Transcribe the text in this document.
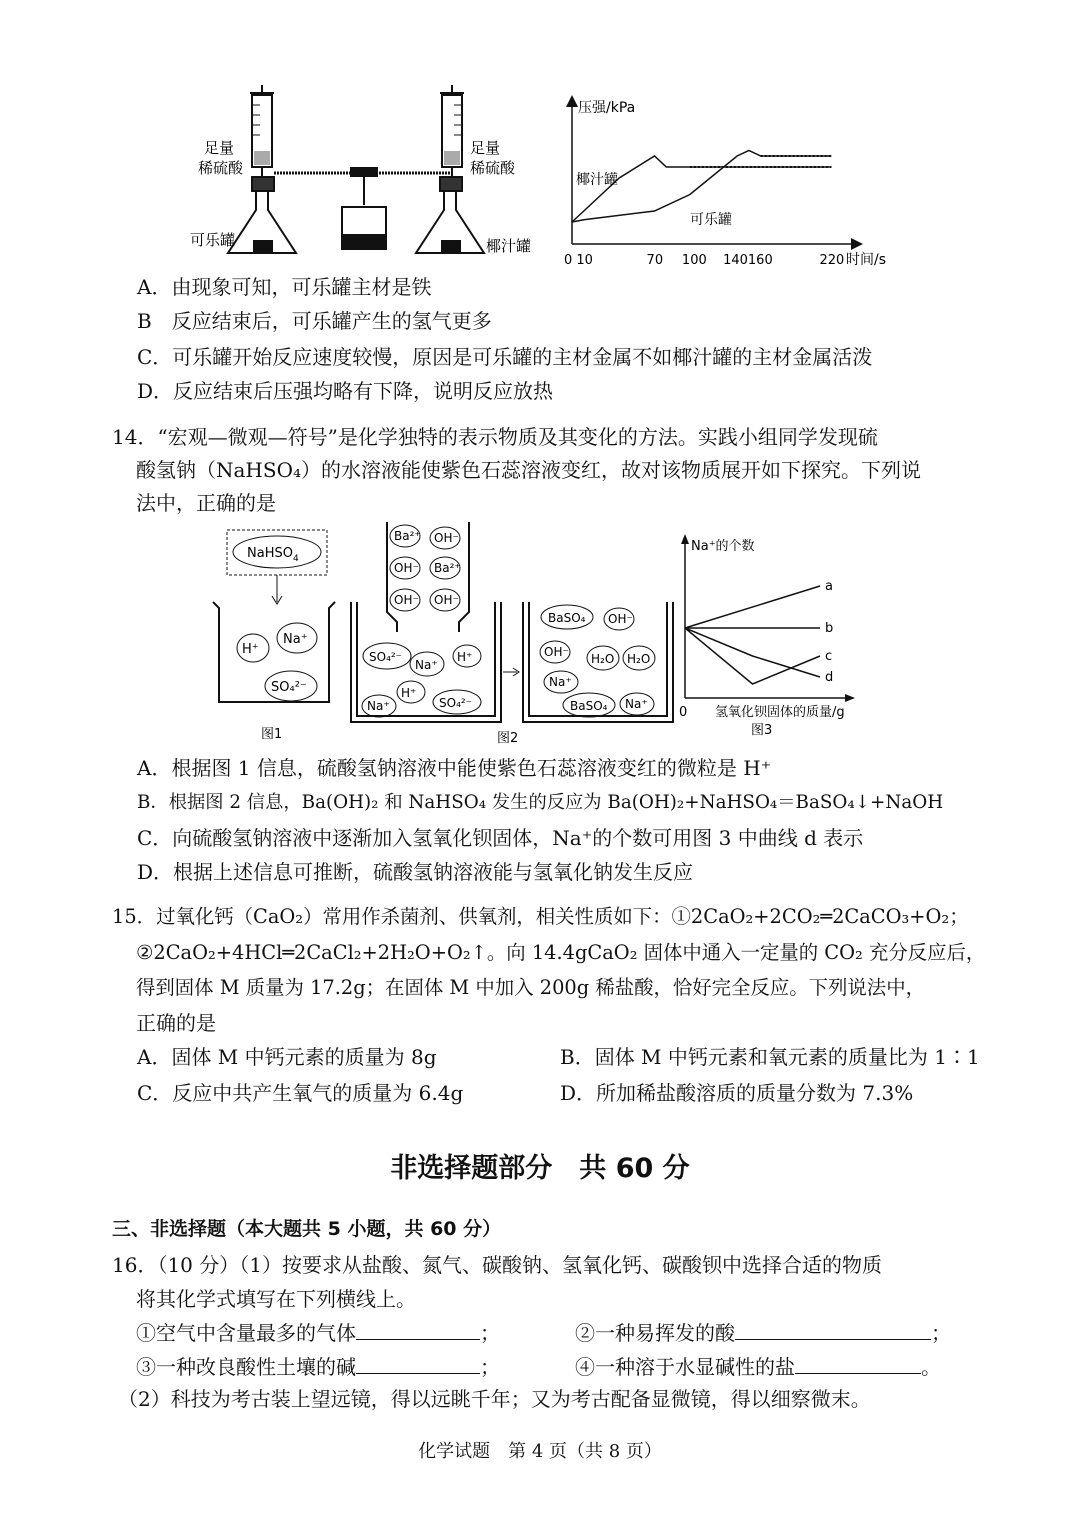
足量
稀硫酸
足量
稀硫酸
可乐罐	椰汁罐
压强/kPa
时间/s
0 10	70 100 140160	220
椰汁罐
可乐罐
A．由现象可知，可乐罐主材是铁
B　反应结束后，可乐罐产生的氢气更多
C．可乐罐开始反应速度较慢，原因是可乐罐的主材金属不如椰汁罐的主材金属活泼
D．反应结束后压强均略有下降，说明反应放热
14．“宏观—微观—符号”是化学独特的表示物质及其变化的方法。实践小组同学发现硫
酸氢钠（NaHSO₄）的水溶液能使紫色石蕊溶液变红，故对该物质展开如下探究。下列说
法中，正确的是
NaHSO$_4$
H⁺
Na⁺
SO₄²⁻
图1
Ba²⁺ OH⁻
OH⁻ Ba²⁺
OH⁻ OH⁻
SO₄²⁻
Na⁺
H⁺
H⁺
Na⁺	SO₄²⁻
BaSO₄ OH⁻
OH⁻ H₂O H₂O
Na⁺
BaSO₄ Na⁺
图2
Na⁺的个数
氢氧化钡固体的质量/g
0
a
b
c
d
图3
A．根据图 1 信息，硫酸氢钠溶液中能使紫色石蕊溶液变红的微粒是 H⁺
B．根据图 2 信息，Ba(OH)₂ 和 NaHSO₄ 发生的反应为 Ba(OH)₂+NaHSO₄＝BaSO₄↓+NaOH
C．向硫酸氢钠溶液中逐渐加入氢氧化钡固体，Na⁺的个数可用图 3 中曲线 d 表示
D．根据上述信息可推断，硫酸氢钠溶液能与氢氧化钠发生反应
15．过氧化钙（CaO₂）常用作杀菌剂、供氧剂，相关性质如下：①2CaO₂+2CO₂═2CaCO₃+O₂；
②2CaO₂+4HCl═2CaCl₂+2H₂O+O₂↑。向 14.4gCaO₂ 固体中通入一定量的 CO₂ 充分反应后，
得到固体 M 质量为 17.2g；在固体 M 中加入 200g 稀盐酸，恰好完全反应。下列说法中，
正确的是
A．固体 M 中钙元素的质量为 8g	B．固体 M 中钙元素和氧元素的质量比为 1∶1
C．反应中共产生氧气的质量为 6.4g	D．所加稀盐酸溶质的质量分数为 7.3%
非选择题部分　共 60 分
三、非选择题（本大题共 5 小题，共 60 分）
16．（10 分）（1）按要求从盐酸、氮气、碳酸钠、氢氧化钙、碳酸钡中选择合适的物质
将其化学式填写在下列横线上。
①空气中含量最多的气体	；	②一种易挥发的酸	；
③一种改良酸性土壤的碱	；	④一种溶于水显碱性的盐	。
（2）科技为考古装上望远镜，得以远眺千年；又为考古配备显微镜，得以细察微末。
化学试题　第 4 页（共 8 页）
